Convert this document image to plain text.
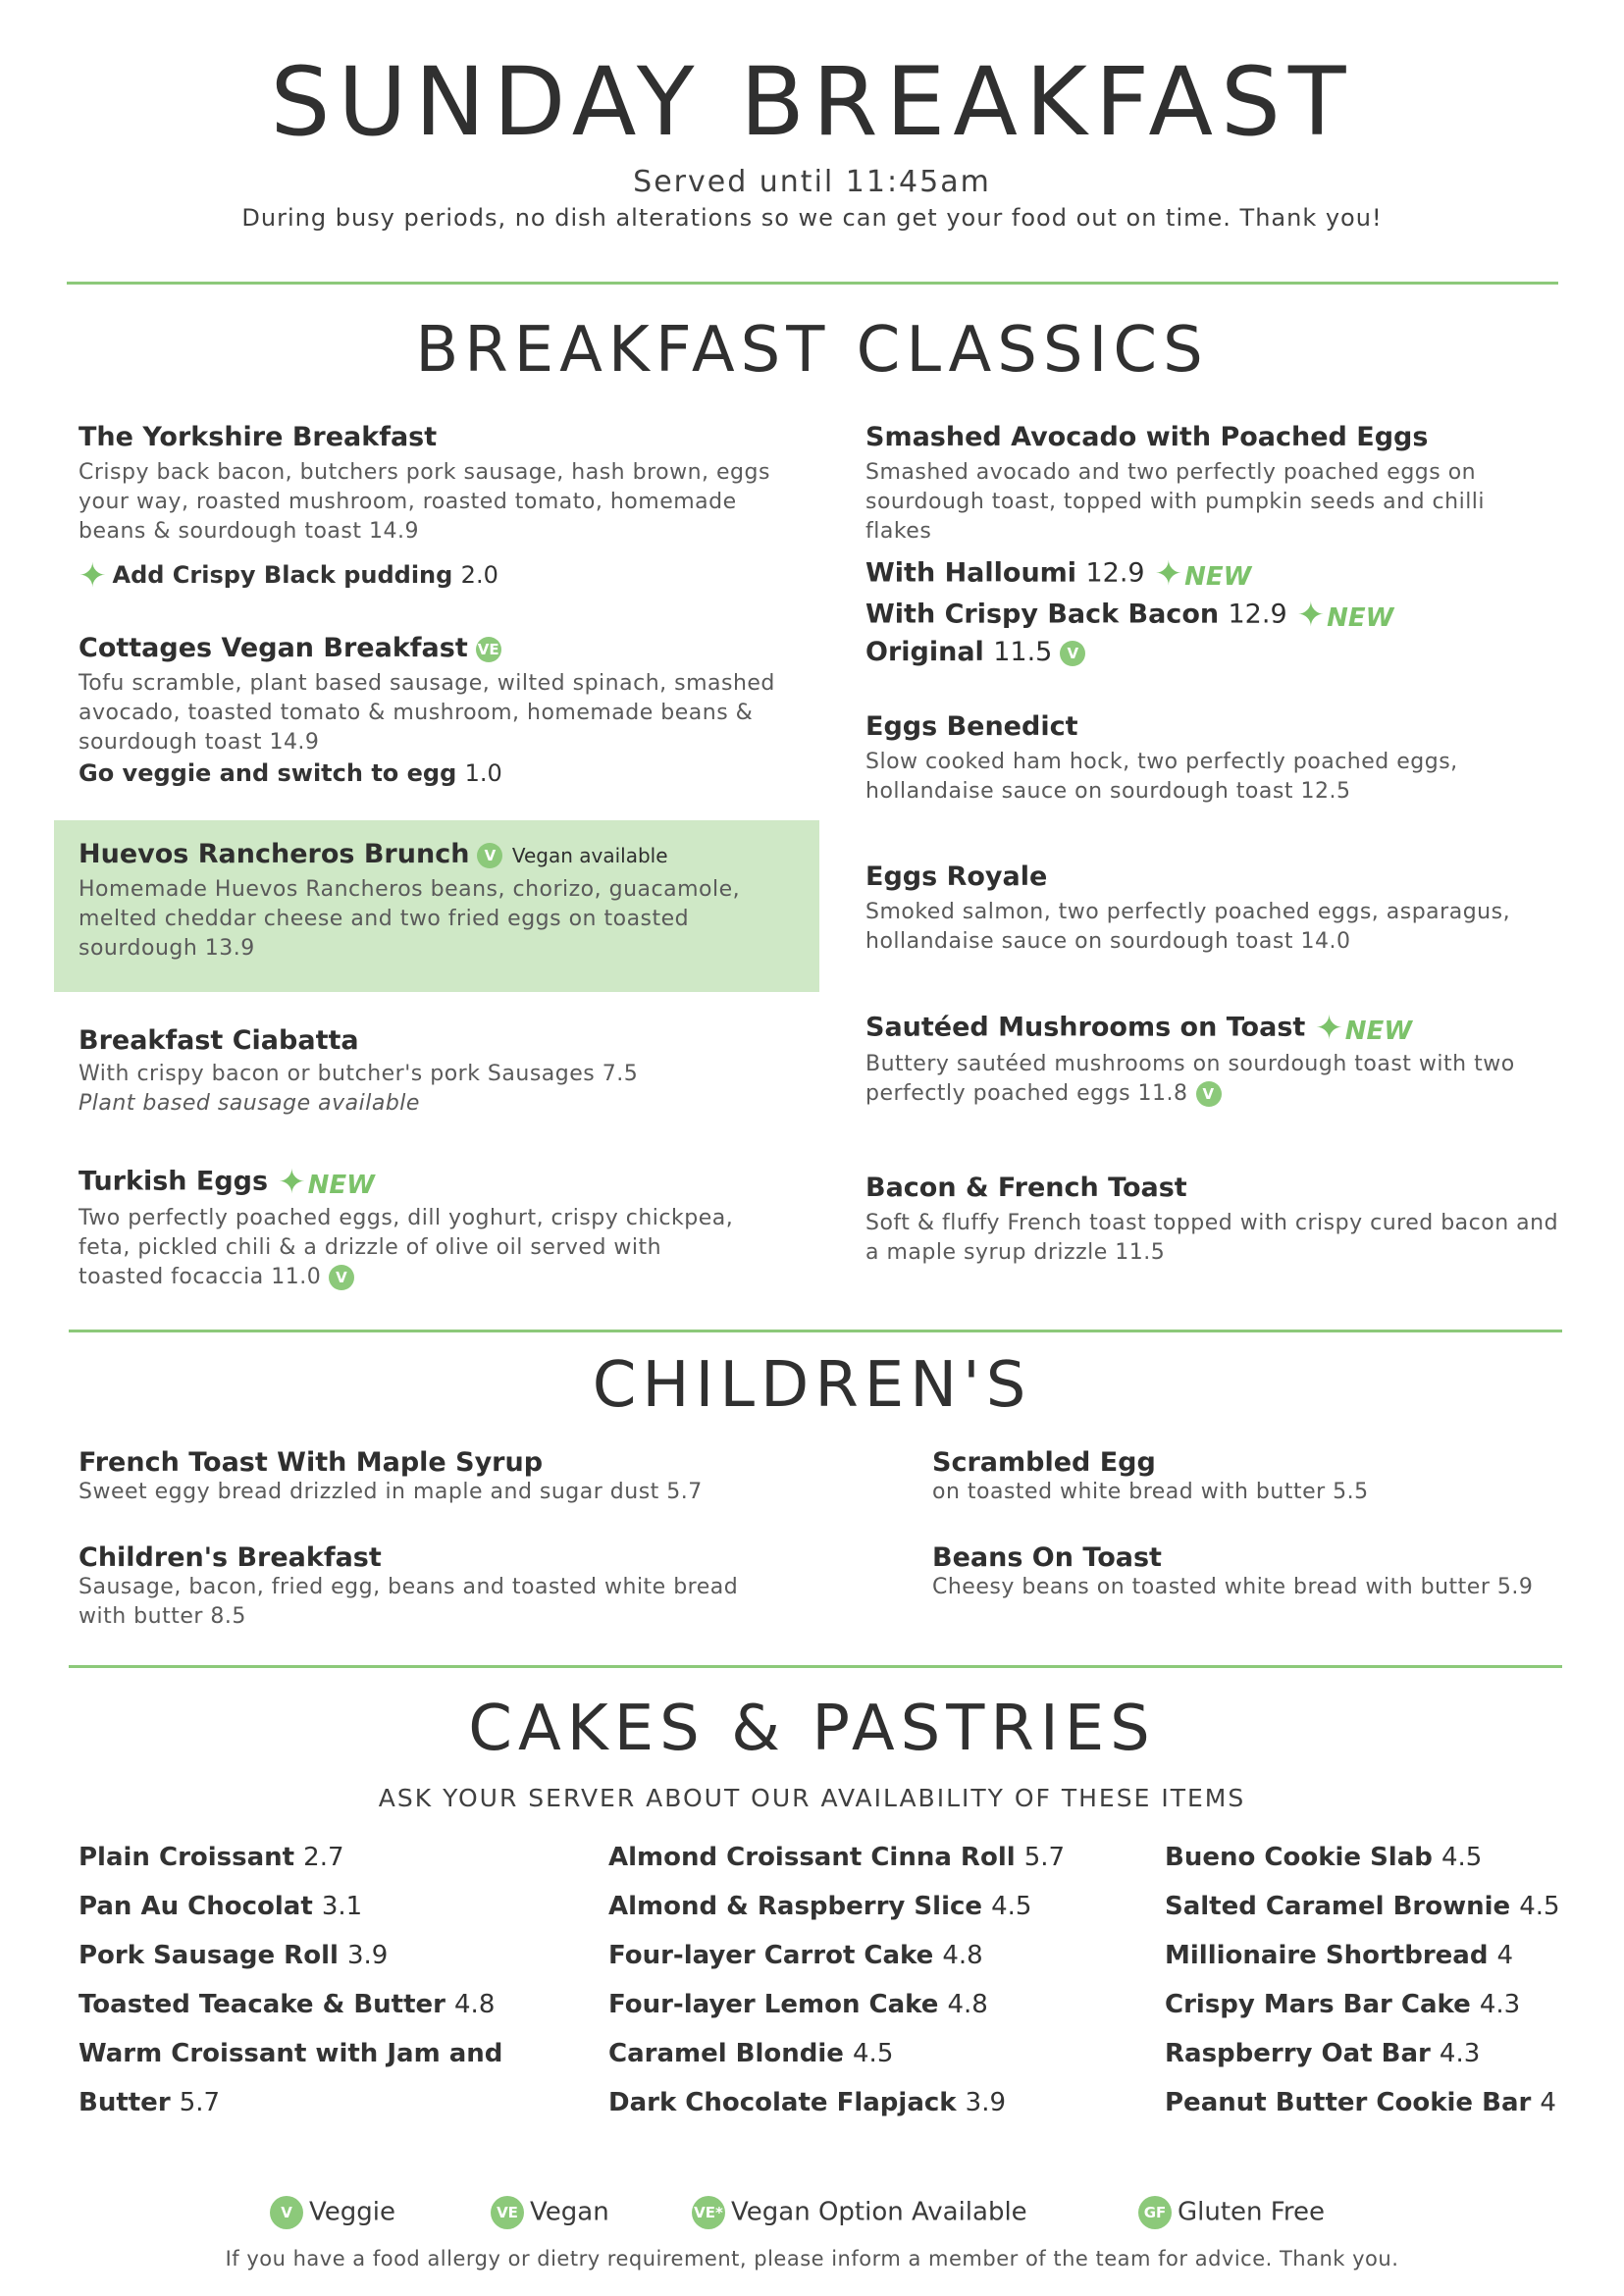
SUNDAY BREAKFAST

Served until 11:45am

During busy periods, no dish alterations so we can get your food out on time. Thank you!

BREAKFAST CLASSICS
The Yorkshire Breakfast
Crispy back bacon, butchers pork sausage, hash brown, eggs your way, roasted mushroom, roasted tomato, homemade beans & sourdough toast 14.9
✦ Add Crispy Black pudding 2.0
Cottages Vegan Breakfast VE
Tofu scramble, plant based sausage, wilted spinach, smashed avocado, toasted tomato & mushroom, homemade beans & sourdough toast 14.9
Go veggie and switch to egg 1.0
Huevos Rancheros Brunch V Vegan available
Homemade Huevos Rancheros beans, chorizo, guacamole, melted cheddar cheese and two fried eggs on toasted sourdough 13.9
Breakfast Ciabatta
With crispy bacon or butcher's pork Sausages 7.5
Plant based sausage available
Turkish Eggs ✦NEW
Two perfectly poached eggs, dill yoghurt, crispy chickpea, feta, pickled chili & a drizzle of olive oil served with toasted focaccia 11.0 V
Smashed Avocado with Poached Eggs
Smashed avocado and two perfectly poached eggs on sourdough toast, topped with pumpkin seeds and chilli flakes
With Halloumi 12.9 ✦NEW
With Crispy Back Bacon 12.9 ✦NEW
Original 11.5 V
Eggs Benedict
Slow cooked ham hock, two perfectly poached eggs, hollandaise sauce on sourdough toast 12.5
Eggs Royale
Smoked salmon, two perfectly poached eggs, asparagus, hollandaise sauce on sourdough toast 14.0
Sautéed Mushrooms on Toast ✦NEW
Buttery sautéed mushrooms on sourdough toast with two perfectly poached eggs 11.8 V
Bacon & French Toast
Soft & fluffy French toast topped with crispy cured bacon and a maple syrup drizzle 11.5
CHILDREN'S
French Toast With Maple Syrup
Sweet eggy bread drizzled in maple and sugar dust 5.7
Children's Breakfast
Sausage, bacon, fried egg, beans and toasted white bread with butter 8.5
Scrambled Egg
on toasted white bread with butter 5.5
Beans On Toast
Cheesy beans on toasted white bread with butter 5.9
CAKES & PASTRIES

ASK YOUR SERVER ABOUT OUR AVAILABILITY OF THESE ITEMS

Plain Croissant 2.7
Pan Au Chocolat 3.1
Pork Sausage Roll 3.9
Toasted Teacake & Butter 4.8
Warm Croissant with Jam and
Butter 5.7
Almond Croissant Cinna Roll 5.7
Almond & Raspberry Slice 4.5
Four-layer Carrot Cake 4.8
Four-layer Lemon Cake 4.8
Caramel Blondie 4.5
Dark Chocolate Flapjack 3.9
Bueno Cookie Slab 4.5
Salted Caramel Brownie 4.5
Millionaire Shortbread 4
Crispy Mars Bar Cake 4.3
Raspberry Oat Bar 4.3
Peanut Butter Cookie Bar 4
V Veggie	VE Vegan	VE* Vegan Option Available	GF Gluten Free
If you have a food allergy or dietry requirement, please inform a member of the team for advice. Thank you.
